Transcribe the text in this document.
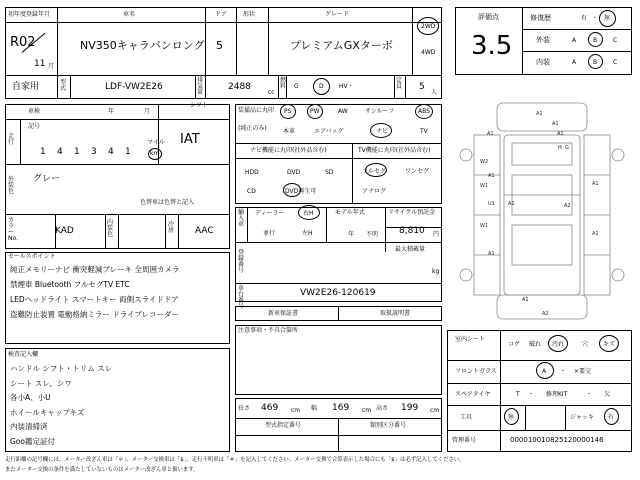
初年度登録年月
R02
11 月
車名
NV350キャラバンロング
ドア
5
形状	グレード
プレミアムGXターボ
2WD
4WD
自家用	型式	LDF-VW2E26
排気量
2488
cc
燃料 G	D	HV・
定員 5
人
評価点
3.5
修復歴	有 ・ 無
外装	A	B	C
内装	A	B	C
車検	年	月
シフト
走行
記号
1 4 1 3 4 1
マイル
km
IAT
外装色
グレー
色替車は色替と記入
カラーNo.
KAD
内装色
冷房 AAC
装備品に丸印
(純正のみ)
PS	PW	AW	サンルーフ	ABS
本革	エアバッグ	ナビ	TV
ナビ機能に丸印(社外品含む)	TV機能に丸印(社外品含む)
HDD	DVD	SD
CD	DVD再生可
フルセグ	ワンセグ
アナログ
輸入車
ディーラー	右H
並行	左H
モデル年式
年 不明
リサイクル預託金
8,810 円
最大積載量
kg
登録番号
車台番号
VW2E26-120619
新車保証書	取扱説明書
注意事項・不具合箇所
セールスポイント
純正メモリーナビ 衝突軽減ブレーキ 全周囲カメラ
禁煙車 Bluetooth フルセグTV ETC
LEDヘッドライト スマートキー 両側スライドドア
盗難防止装置 電動格納ミラー ドライブレコーダー
検査記入欄
ハンドル シフト・トリム スレ
シート スレ、シワ
各小A、小U
ホイールキャップキズ
内装清掃済
Goo鑑定証付
長さ 469 cm 幅 169 cm 高さ 199 cm
型式指定番号	類別区分番号
A1
A1
A1
H G
A1
W2
A1
W1
U1	A1
W1
A1
A2
A1
A1
A1
A2
室内シート
コゲ 破れ 汚れ	穴 キズ
フロントガラス	A ・ ×要交
スペアタイヤ	T ・ 修理KIT	・ 欠
工具	無	ジャッキ 有
管理番号	000010010825120000146
走行距離の記号欄には、メーター改ざん車は「＊」、メーター交換車は「$」、走行不明車は「＃」を記入してください。メーター交換で合算表示した場合にも「$」は必ず記入してください。
またメーター交換の条件を満たしていないものはメーター改ざん車と扱います。
